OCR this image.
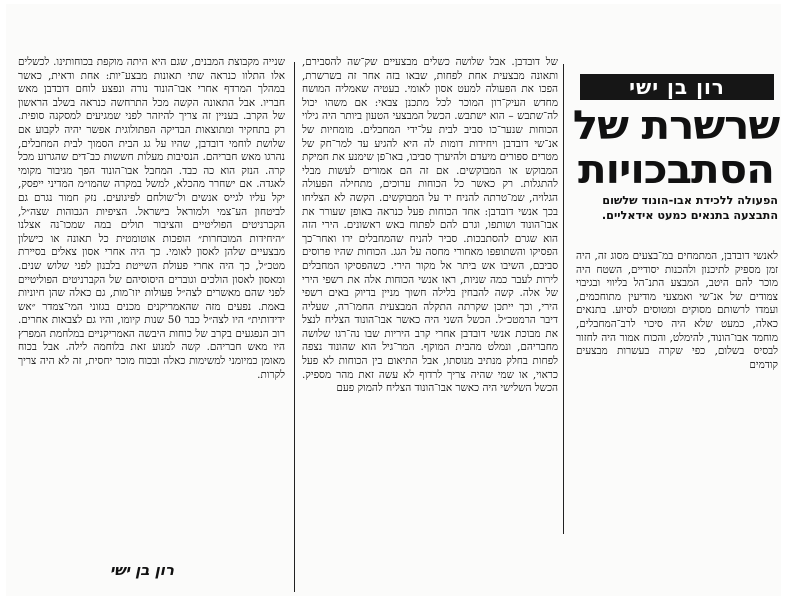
רון בן ישי
שרשרת של הסתבכויות
הפעולה ללכידת אבו-הונוד שלשום התבצעה בתנאים כמעט אידאליים.

לאנשי דובדבן, המתמחים במ־בצעים מסוג זה, היה זמן מספיק לתיכנון ולהכנות יסודיים, השטח היה מוכר להם היטב, המבצע התנ־הל בליווי ובגיבוי צמודים של אנ־שי ואמצעי מודיעין מתוחכמים, ועמדו לרשותם מסוקים ומטוסים לסיוע. בתנאים כאלה, כמעט שלא היה סיכוי לרב־המחבלים, מוחמד אבו־הונוד, להימלט, והכוח אמור היה לחזור לבסיס בשלום, כפי שקרה בעשרות מבצעים קודמים

של דובדבן. אבל שלושה כשלים מבצעיים שק־שה להסבירם, ותאונה מבצעית אחת לפחות, שבאו בזה אחר זה בשרשרת, הפכו את הפעולה למעט אסון לאומי. בעטיה שאמליה המושח מחדש העיק־רון המוכר לכל מתכנן צבאי: אם משהו יכול לה־שתבש – הוא ישתבש. הכשל המבצעי הטעון ביותר היה גילוי הכוחות שנער־כו סביב לבית על־ידי המחבלים. מומחיות של אנ־שי דובדבן ויחידות דומות לה היא להגיע עד למר־חק של מטרים ספורים מיעדם ולהיערך סביבו, באו־פן שימנע את חמיקת המבוקש או המבוקשים. אם זה הם אמורים לעשות מבלי להתגלות. רק כאשר כל הכוחות ערוכים, מתחילה הפעולה הגלויה, שמ־טרתה להניח יד על המבוקשים. הקשה לא הצליחו בכך אנשי דובדבן: אחד הכוחות פעל כנראה באופן שעורר את אבו־הונוד ושותפו, וגרם להם לפתוח באש ראשונים. הירי הזה הוא שגרם להסתבכות. סביר להניח שהמחבלים ירו ואחר־כך הפסיקו והשתופפו מאחורי מחסה על הגג. הכוחות שהיו פרוסים סביבם, השיבו אש ביתר אל מקור הירי. כשהפסיקו המחבלים לירות לעבר כמה שניות, ראו אנשי הכוחות אלה את רשפי הירי של אלה. קשה להבחין בלילה חשוך מניין בדיוק באים רשפי הירי, וכך ייתכן שקרתה התקלה המבצעית החמו־רה, שעליה דיבר הרמטכ״ל. הכשל השני היה כאשר אבו־הונוד הצליח לנצל את מבוכת אנשי דובדבן אחרי קרב היריות שבו נה־רגו שלושה מחבריהם, ונמלט מהבית המוקף. המר־גיל הוא שהונוד נצפה לפחות בחלק מנתיב מנוסתו, אבל התיאום בין הכוחות לא פעל כראוי, או שמי שהיה צריך לרדוף לא עשה זאת מהר מספיק. הכשל השלישי היה כאשר אבו־הונוד הצליח להמוק פעם

שנייה מקבוצת המבנים, שגם היא היתה מוקפת בכוחותינו. לכשלים אלו התלוו כנראה שתי תאונות מבצע־יות: אחת ודאית, כאשר במהלך המרדף אחרי אבו־הונוד נורה ונפצע לוחם דובדבן מאש חבריו. אבל התאונה הקשה מכל התרחשה כנראה בשלב הראשון של הקרב. בעניין זה צריך להיזהר לפני שמגיעים למסקנה סופית. רק בתחקיר ומתוצאות הבדיקה הפתולוגית אפשר יהיה לקבוע אם שלושת לוחמי דובדבן, שהיו על גג הבית הסמוך לבית המחבלים, נהרגו מאש חבריהם. הנסיבות מעלות חששות כב־דים שהגרוע מכל קרה. הנזק הוא כה כבד. המחבל אבו־הונוד הפך מגיבור מקומי לאגדה. אם ישחרר מהכלא, למשל במקרה שהמו״מ המדיני ייפסק, יקל עליו לגייס אנשים ול־שולחם לפיגועים. נזק חמור נגרם גם לביטחון הע־צמי ולמוראל בישראל. הציפיות הגבוהות שצה״ל, הקברניטים הפוליטיים והציבור תולים במה שמכו־נה אצלנו ״היחידות המובחרות״ הופכות אוטומטית כל תאונה או כישלון מבצעיים שלהן לאסון לאומי. כך היה אחרי אסון צאלים בסיירת מטכ״ל, כך היה אחרי פעולת השייטת בלבנון לפני שלוש שנים. ומאסון לאסון הולכים וגוברים היסוסיהם של הקברניטים הפוליטיים לפני שהם מאשרים לצה״ל פעולות יזו־מות, גם כאלה שהן חיוניות באמת. נפעים מזה שהאמריקנים מכנים בגזוני המי־צמדר ״אש ידידותית״ היו לצה״ל כבר 50 שנות קיומו, והיו גם לצבאות אחרים. רוב הנפגעים בקרב של כוחות היבשה האמריקניים במלחמת המפרץ היו מאש חבריהם. קשה למנוע זאת בלוחמה לילה. אבל בכוח מאומן כמיומני למשימות כאלה ובכוח מוכר יחסית, זה לא היה צריך לקרות.

רון בן ישי
